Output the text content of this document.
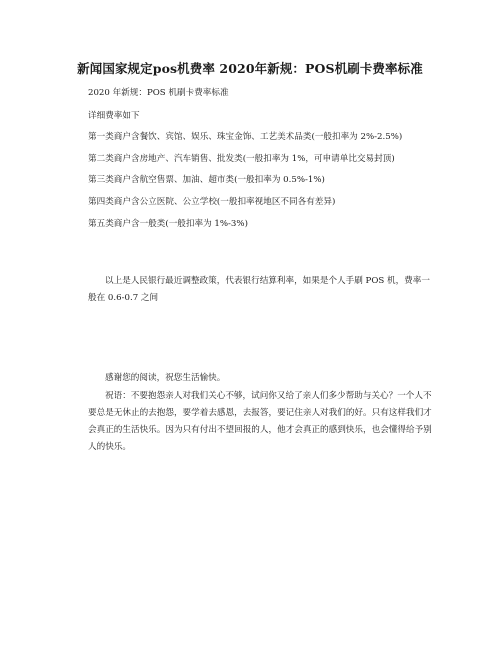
新闻国家规定pos机费率 2020年新规：POS机刷卡费率标准
2020 年新规：POS 机刷卡费率标准
详细费率如下
第一类商户含餐饮、宾馆、娱乐、珠宝金饰、工艺美术品类(一般扣率为 2%-2.5%)
第二类商户含房地产、汽车销售、批发类(一般扣率为 1%，可申请单比交易封顶)
第三类商户含航空售票、加油、超市类(一般扣率为 0.5%-1%)
第四类商户含公立医院、公立学校(一般扣率视地区不同各有差异)
第五类商户含一般类(一般扣率为 1%-3%)
以上是人民银行最近调整政策，代表银行结算利率，如果是个人手刷 POS 机，费率一般在 0.6-0.7 之间
感谢您的阅读，祝您生活愉快。
祝语：不要抱怨亲人对我们关心不够，试问你又给了亲人们多少帮助与关心？一个人不要总是无休止的去抱怨，要学着去感恩，去报答，要记住亲人对我们的好。只有这样我们才会真正的生活快乐。因为只有付出不望回报的人，他才会真正的感到快乐，也会懂得给予别人的快乐。
